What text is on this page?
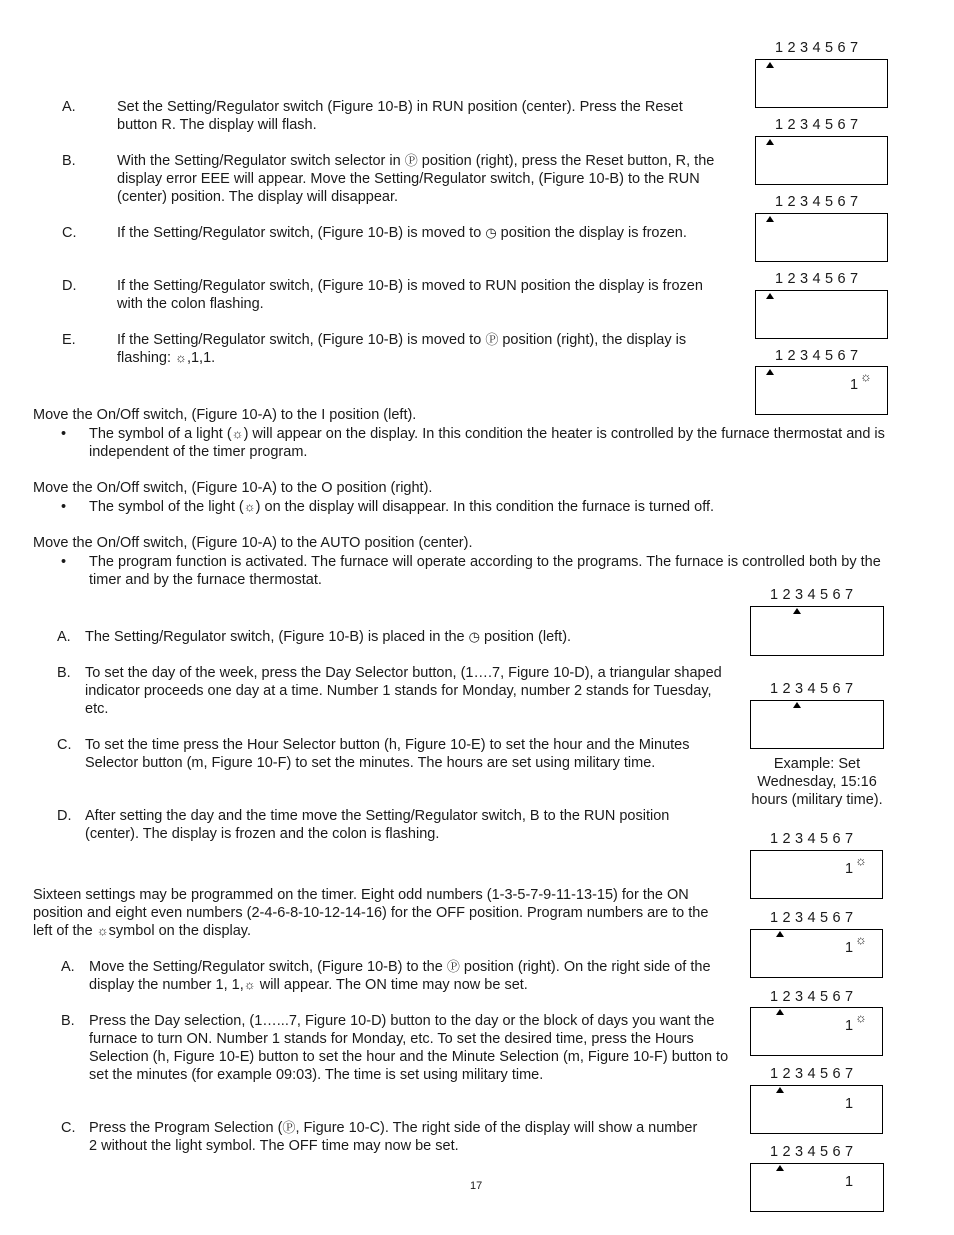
A.	Set the Setting/Regulator switch (Figure 10-B) in RUN position (center). Press the Reset button R. The display will flash.
B.	With the Setting/Regulator switch selector in Ⓟ position (right), press the Reset button, R, the display error EEE will appear. Move the Setting/Regulator switch, (Figure 10-B) to the RUN (center) position. The display will disappear.
C.	If the Setting/Regulator switch, (Figure 10-B) is moved to ◷ position the display is frozen.
D.	If the Setting/Regulator switch, (Figure 10-B) is moved to RUN position the display is frozen with the colon flashing.
E.	If the Setting/Regulator switch, (Figure 10-B) is moved to Ⓟ position (right), the display is flashing: ☼,1,1.
Move the On/Off switch, (Figure 10-A) to the I position (left).
• The symbol of a light (☼) will appear on the display. In this condition the heater is controlled by the furnace thermostat and is independent of the timer program.
Move the On/Off switch, (Figure 10-A) to the O position (right).
• The symbol of the light (☼) on the display will disappear. In this condition the furnace is turned off.
Move the On/Off switch, (Figure 10-A) to the AUTO position (center).
• The program function is activated. The furnace will operate according to the programs. The furnace is controlled both by the timer and by the furnace thermostat.
A. The Setting/Regulator switch, (Figure 10-B) is placed in the ◷ position (left).
B. To set the day of the week, press the Day Selector button, (1….7, Figure 10-D), a triangular shaped indicator proceeds one day at a time. Number 1 stands for Monday, number 2 stands for Tuesday, etc.
C. To set the time press the Hour Selector button (h, Figure 10-E) to set the hour and the Minutes Selector button (m, Figure 10-F) to set the minutes. The hours are set using military time.
D. After setting the day and the time move the Setting/Regulator switch, B to the RUN position (center). The display is frozen and the colon is flashing.
Example: Set Wednesday, 15:16 hours (military time).
Sixteen settings may be programmed on the timer. Eight odd numbers (1-3-5-7-9-11-13-15) for the ON position and eight even numbers (2-4-6-8-10-12-14-16) for the OFF position. Program numbers are to the left of the ☼symbol on the display.
A. Move the Setting/Regulator switch, (Figure 10-B) to the Ⓟ position (right). On the right side of the display the number 1, 1,☼ will appear. The ON time may now be set.
B. Press the Day selection, (1…...7, Figure 10-D) button to the day or the block of days you want the furnace to turn ON. Number 1 stands for Monday, etc. To set the desired time, press the Hours Selection (h, Figure 10-E) button to set the hour and the Minute Selection (m, Figure 10-F) button to set the minutes (for example 09:03). The time is set using military time.
C. Press the Program Selection (Ⓟ, Figure 10-C). The right side of the display will show a number 2 without the light symbol. The OFF time may now be set.
17
1 2 3 4 5 6 7
1 2 3 4 5 6 7
1 2 3 4 5 6 7
1 2 3 4 5 6 7
1 2 3 4 5 6 7
1
☼
1 2 3 4 5 6 7
1 2 3 4 5 6 7
1 2 3 4 5 6 7
1
☼
1 2 3 4 5 6 7
1
☼
1 2 3 4 5 6 7
1
☼
1 2 3 4 5 6 7
1
1 2 3 4 5 6 7
1
